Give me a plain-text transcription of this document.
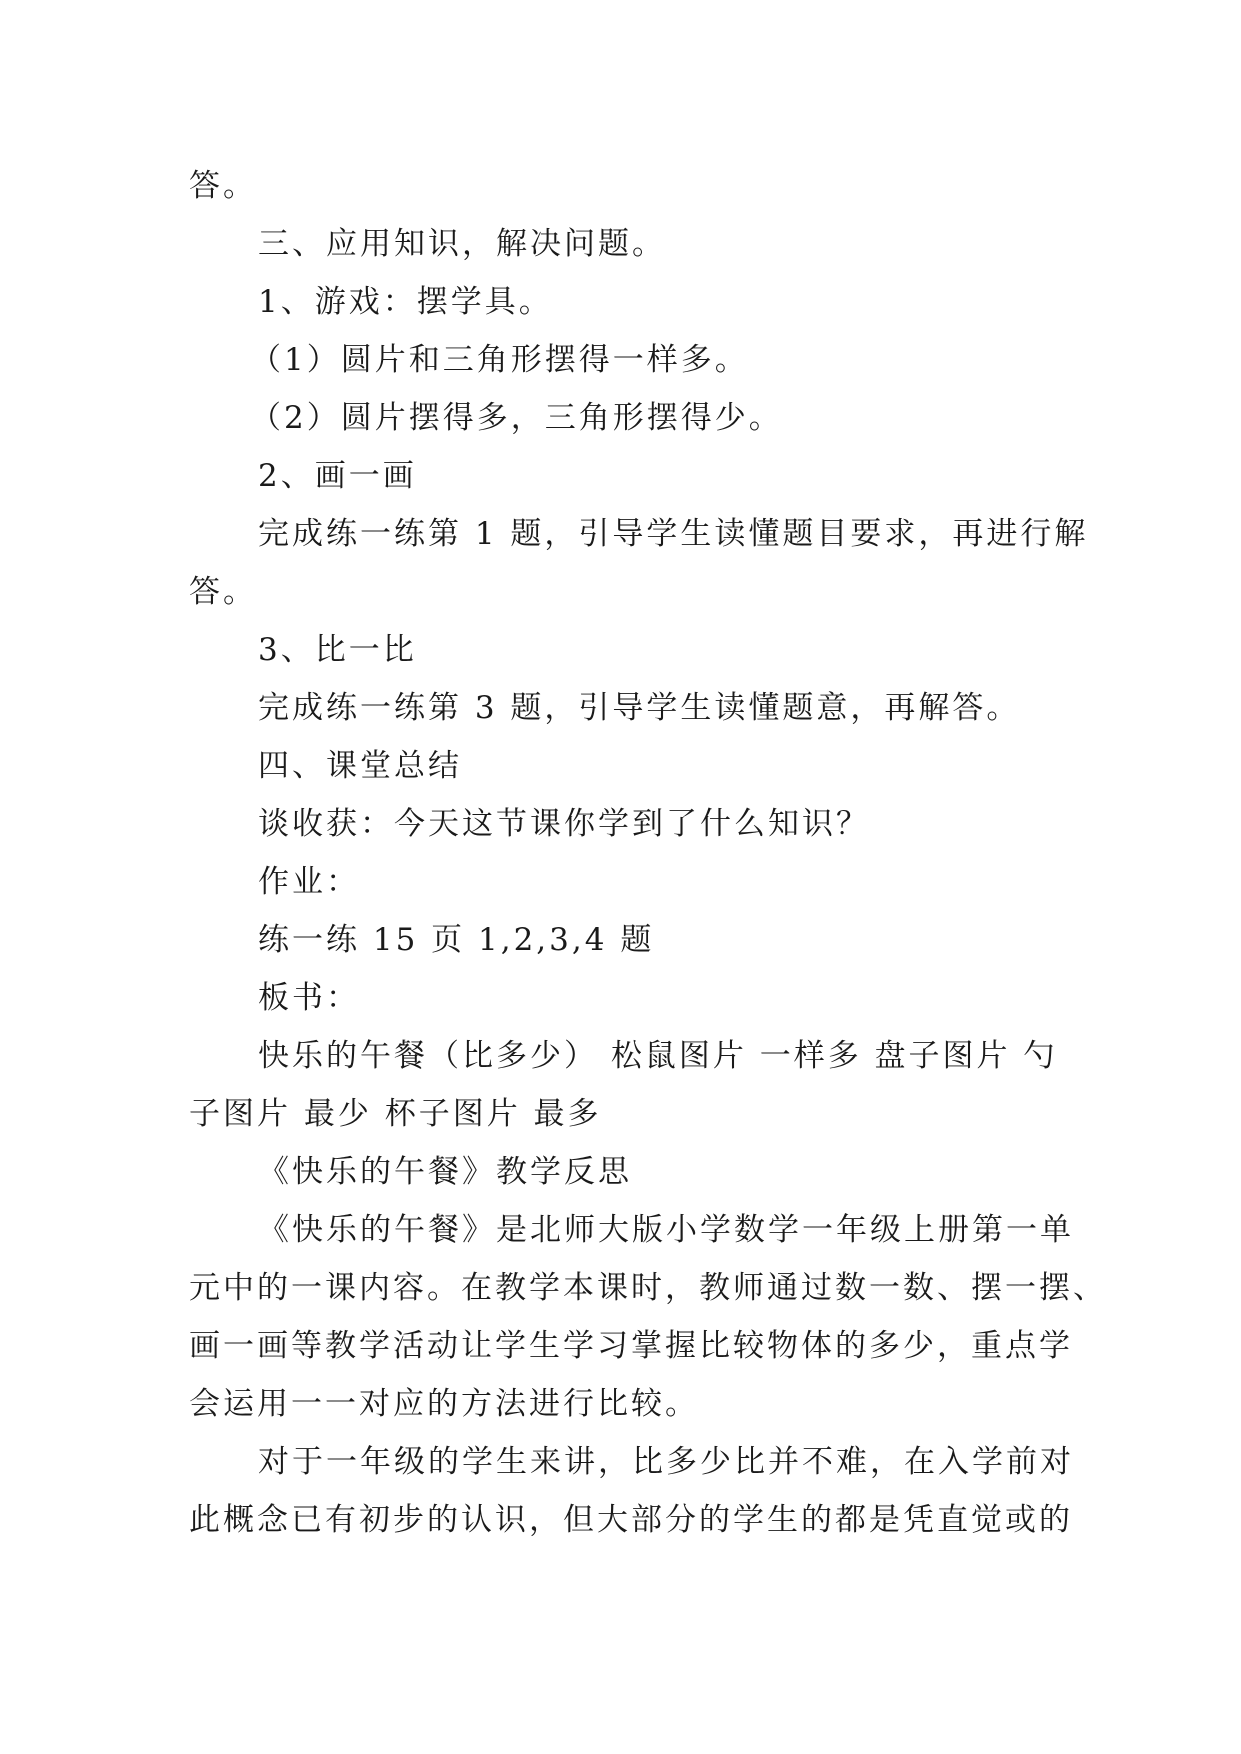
答。

三、应用知识，解决问题。

1、游戏：摆学具。

（1）圆片和三角形摆得一样多。

（2）圆片摆得多，三角形摆得少。

2、画一画

完成练一练第 1 题，引导学生读懂题目要求，再进行解

答。

3、比一比

完成练一练第 3 题，引导学生读懂题意，再解答。

四、课堂总结

谈收获：今天这节课你学到了什么知识？

作业：

练一练 15 页 1,2,3,4 题

板书：

快乐的午餐（比多少） 松鼠图片 一样多 盘子图片 勺

子图片 最少 杯子图片 最多

《快乐的午餐》教学反思

《快乐的午餐》是北师大版小学数学一年级上册第一单

元中的一课内容。在教学本课时，教师通过数一数、摆一摆、

画一画等教学活动让学生学习掌握比较物体的多少，重点学

会运用一一对应的方法进行比较。

对于一年级的学生来讲，比多少比并不难，在入学前对

此概念已有初步的认识，但大部分的学生的都是凭直觉或的
